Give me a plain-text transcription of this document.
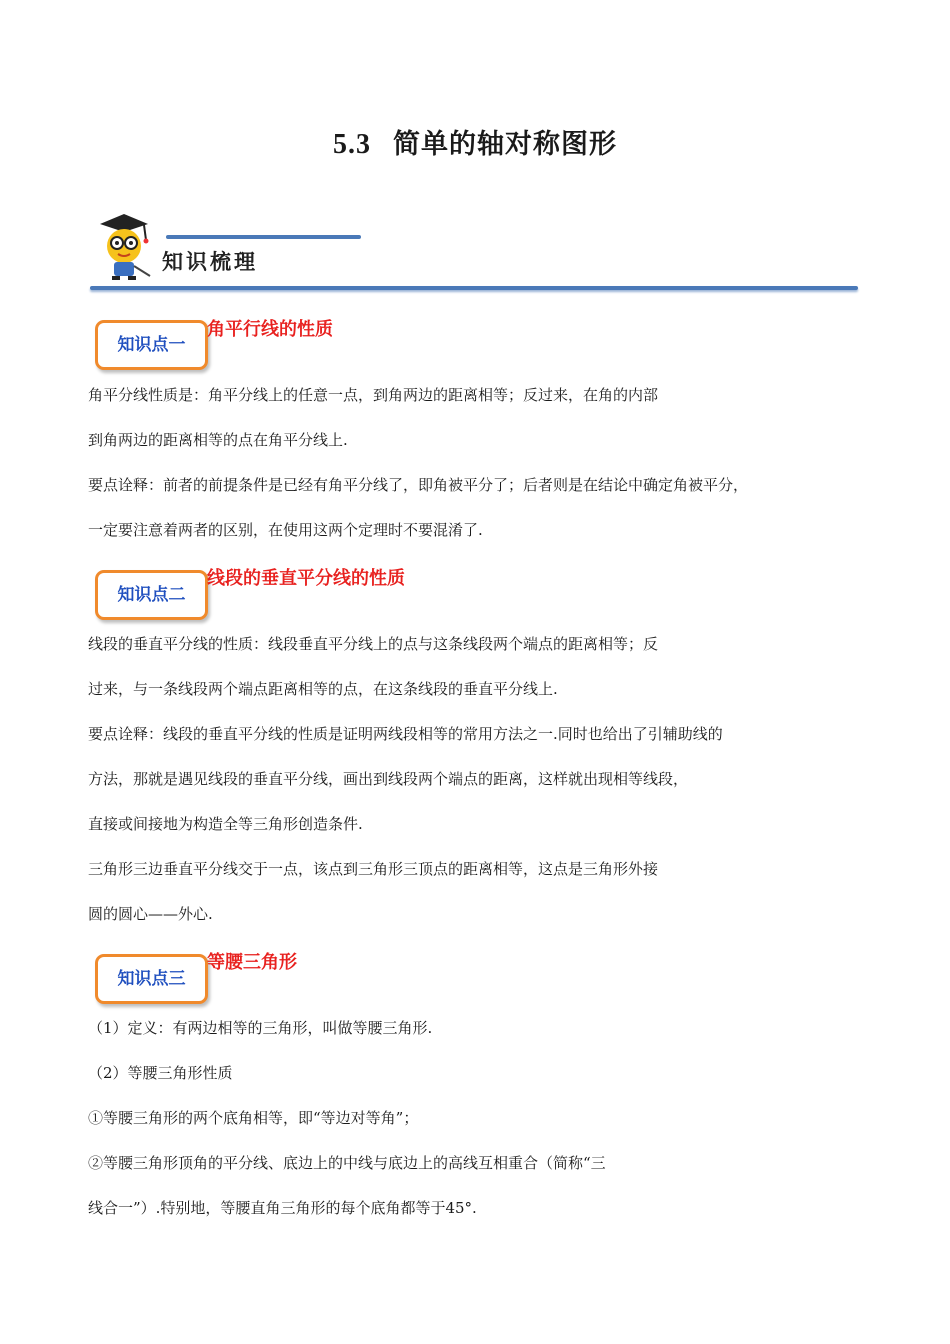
5.3 简单的轴对称图形
知识梳理
知识点一
角平行线的性质
角平分线性质是：角平分线上的任意一点，到角两边的距离相等；反过来，在角的内部
到角两边的距离相等的点在角平分线上.
要点诠释：前者的前提条件是已经有角平分线了，即角被平分了；后者则是在结论中确定角被平分，
一定要注意着两者的区别，在使用这两个定理时不要混淆了.
知识点二
线段的垂直平分线的性质
线段的垂直平分线的性质：线段垂直平分线上的点与这条线段两个端点的距离相等；反
过来，与一条线段两个端点距离相等的点，在这条线段的垂直平分线上.
要点诠释：线段的垂直平分线的性质是证明两线段相等的常用方法之一.同时也给出了引辅助线的
方法，那就是遇见线段的垂直平分线，画出到线段两个端点的距离，这样就出现相等线段，
直接或间接地为构造全等三角形创造条件.
三角形三边垂直平分线交于一点，该点到三角形三顶点的距离相等，这点是三角形外接
圆的圆心——外心.
知识点三
等腰三角形
（1）定义：有两边相等的三角形，叫做等腰三角形.
（2）等腰三角形性质
①等腰三角形的两个底角相等，即“等边对等角”；
②等腰三角形顶角的平分线、底边上的中线与底边上的高线互相重合（简称“三
线合一”）.特别地，等腰直角三角形的每个底角都等于45°.
